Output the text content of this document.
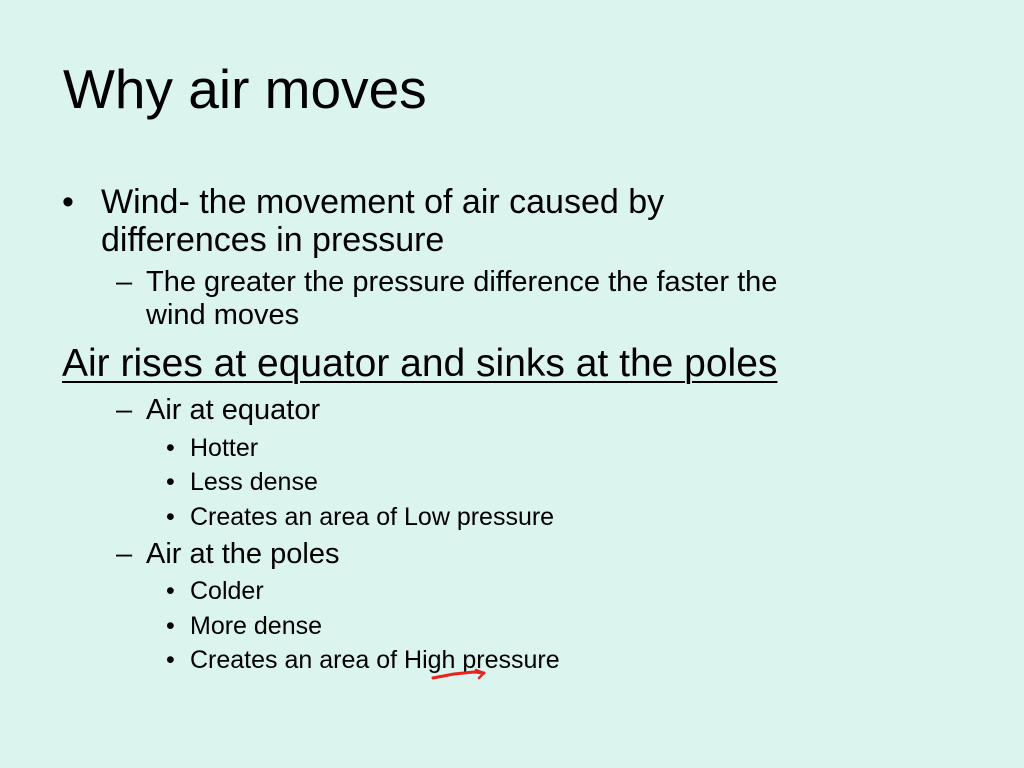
Why air moves
• Wind- the movement of air caused by
differences in pressure
– The greater the pressure difference the faster the
wind moves
Air rises at equator and sinks at the poles
– Air at equator
• Hotter
• Less dense
• Creates an area of Low pressure
– Air at the poles
• Colder
• More dense
• Creates an area of High pressure
